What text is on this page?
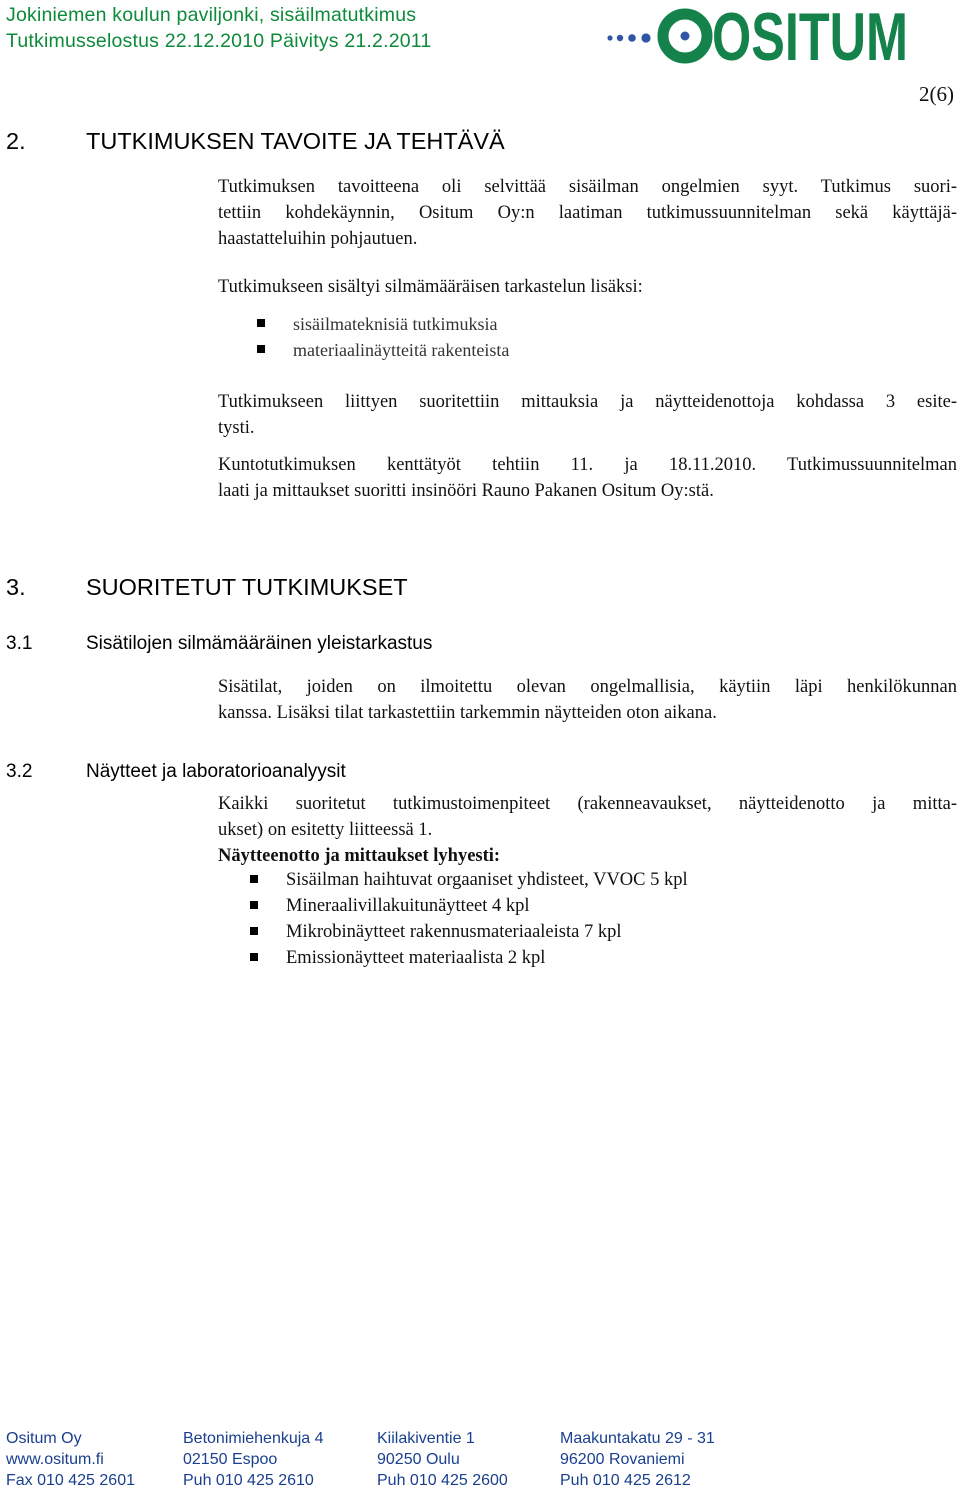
Jokiniemen koulun paviljonki, sisäilmatutkimus
Tutkimusselostus 22.12.2010 Päivitys 21.2.2011	OSITUM
2(6)
2.	TUTKIMUKSEN TAVOITE JA TEHTÄVÄ
Tutkimuksen tavoitteena oli selvittää sisäilman ongelmien syyt. Tutkimus suori-
tettiin kohdekäynnin, Ositum Oy:n laatiman tutkimussuunnitelman sekä käyttäjä-
haastatteluihin pohjautuen.
Tutkimukseen sisältyi silmämääräisen tarkastelun lisäksi:
sisäilmateknisiä tutkimuksia
materiaalinäytteitä rakenteista
Tutkimukseen liittyen suoritettiin mittauksia ja näytteidenottoja kohdassa 3 esite-
tysti.
Kuntotutkimuksen kenttätyöt tehtiin 11. ja 18.11.2010. Tutkimussuunnitelman
laati ja mittaukset suoritti insinööri Rauno Pakanen Ositum Oy:stä.
3.	SUORITETUT TUTKIMUKSET
3.1	Sisätilojen silmämääräinen yleistarkastus
Sisätilat, joiden on ilmoitettu olevan ongelmallisia, käytiin läpi henkilökunnan
kanssa. Lisäksi tilat tarkastettiin tarkemmin näytteiden oton aikana.
3.2	Näytteet ja laboratorioanalyysit
Kaikki suoritetut tutkimustoimenpiteet (rakenneavaukset, näytteidenotto ja mitta-
ukset) on esitetty liitteessä 1.
Näytteenotto ja mittaukset lyhyesti:
Sisäilman haihtuvat orgaaniset yhdisteet, VVOC 5 kpl
Mineraalivillakuitunäytteet 4 kpl
Mikrobinäytteet rakennusmateriaaleista 7 kpl
Emissionäytteet materiaalista 2 kpl
Ositum Oy
www.ositum.fi
Fax 010 425 2601
Betonimiehenkuja 4
02150 Espoo
Puh 010 425 2610
Kiilakiventie 1
90250 Oulu
Puh 010 425 2600
Maakuntakatu 29 - 31
96200 Rovaniemi
Puh 010 425 2612
